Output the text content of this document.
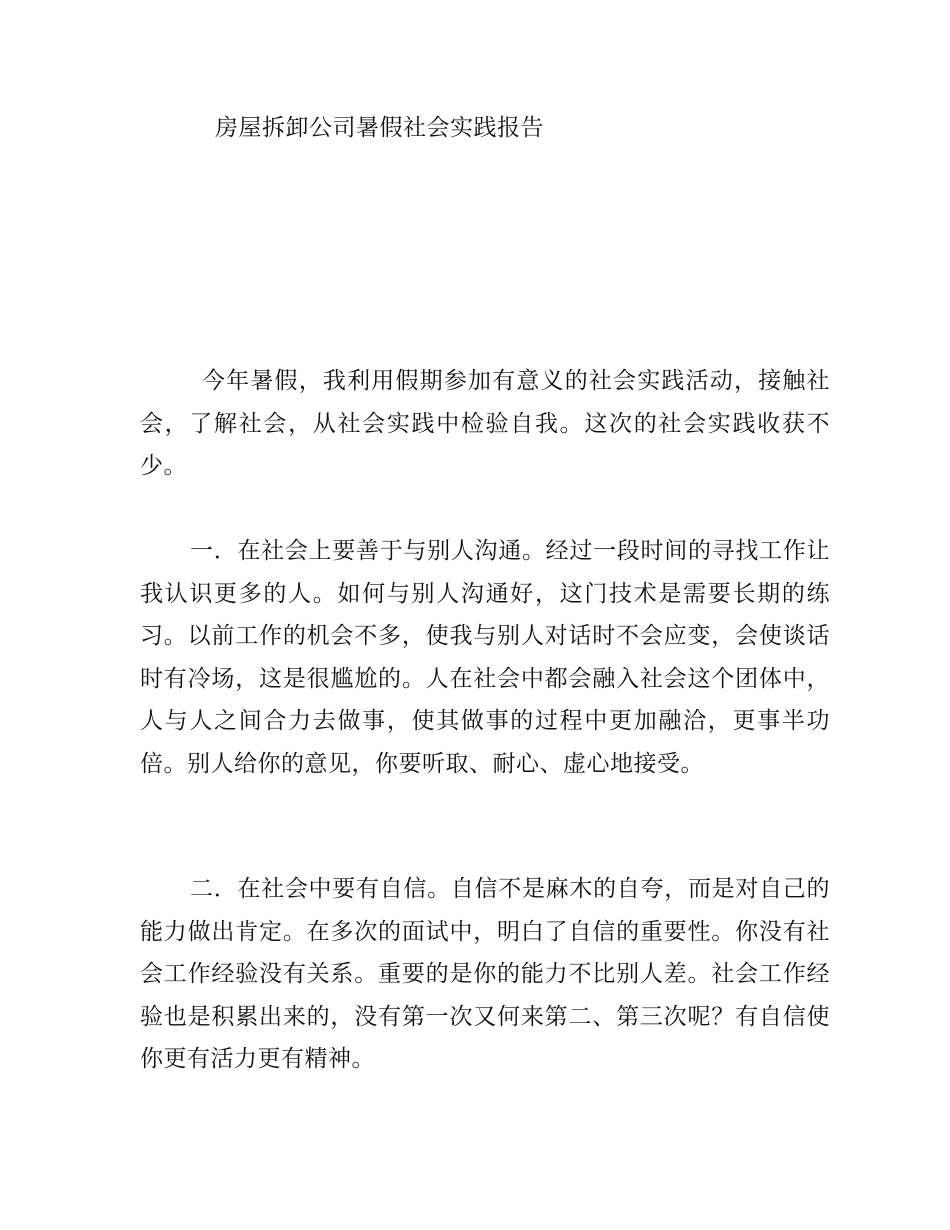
房屋拆卸公司暑假社会实践报告

今年暑假，我利用假期参加有意义的社会实践活动，接触社会，了解社会，从社会实践中检验自我。这次的社会实践收获不少。

一．在社会上要善于与别人沟通。经过一段时间的寻找工作让我认识更多的人。如何与别人沟通好，这门技术是需要长期的练习。以前工作的机会不多，使我与别人对话时不会应变，会使谈话时有冷场，这是很尴尬的。人在社会中都会融入社会这个团体中，人与人之间合力去做事，使其做事的过程中更加融洽，更事半功倍。别人给你的意见，你要听取、耐心、虚心地接受。

二．在社会中要有自信。自信不是麻木的自夸，而是对自己的能力做出肯定。在多次的面试中，明白了自信的重要性。你没有社会工作经验没有关系。重要的是你的能力不比别人差。社会工作经验也是积累出来的，没有第一次又何来第二、第三次呢？有自信使你更有活力更有精神。
